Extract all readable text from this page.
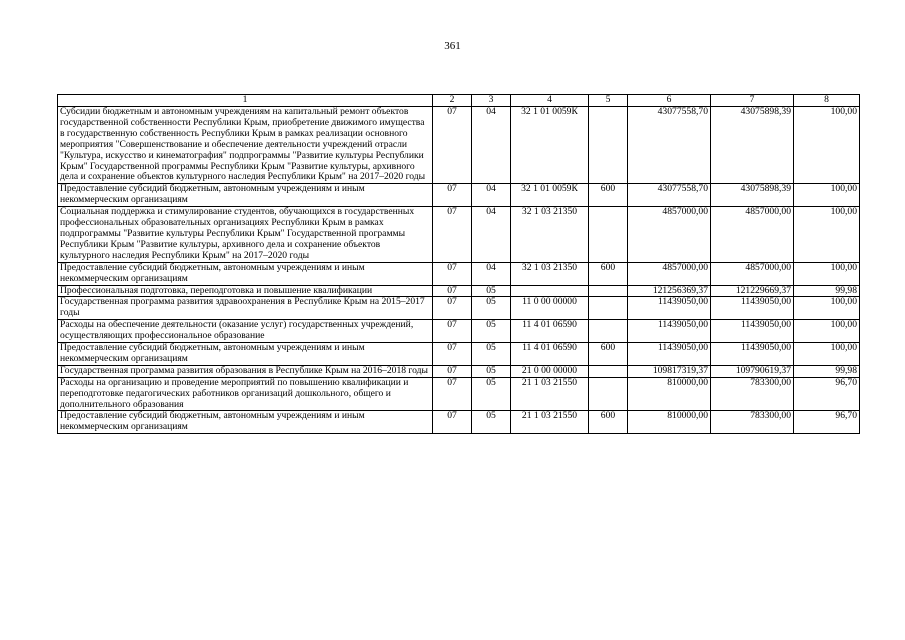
361
1	2	3	4	5	6	7	8
Субсидии бюджетным и автономным учреждениям на капитальный ремонт объектов государственной собственности Республики Крым, приобретение движимого имущества в государственную собственность Республики Крым в рамках реализации основного мероприятия "Совершенствование и обеспечение деятельности учреждений отрасли "Культура, искусство и кинематография" подпрограммы "Развитие культуры Республики Крым" Государственной программы Республики Крым "Развитие культуры, архивного дела и сохранение объектов культурного наследия Республики Крым" на 2017–2020 годы	07	04	32 1 01 0059К		43077558,70	43075898,39	100,00
Предоставление субсидий бюджетным, автономным учреждениям и иным некоммерческим организациям	07	04	32 1 01 0059К	600	43077558,70	43075898,39	100,00
Социальная поддержка и стимулирование студентов, обучающихся в государственных профессиональных образовательных организациях Республики Крым в рамках подпрограммы "Развитие культуры Республики Крым" Государственной программы Республики Крым "Развитие культуры, архивного дела и сохранение объектов культурного наследия Республики Крым" на 2017–2020 годы	07	04	32 1 03 21350		4857000,00	4857000,00	100,00
Предоставление субсидий бюджетным, автономным учреждениям и иным некоммерческим организациям	07	04	32 1 03 21350	600	4857000,00	4857000,00	100,00
Профессиональная подготовка, переподготовка и повышение квалификации	07	05			121256369,37	121229669,37	99,98
Государственная программа развития здравоохранения в Республике Крым на 2015–2017 годы	07	05	11 0 00 00000		11439050,00	11439050,00	100,00
Расходы на обеспечение деятельности (оказание услуг) государственных учреждений, осуществляющих профессиональное образование	07	05	11 4 01 06590		11439050,00	11439050,00	100,00
Предоставление субсидий бюджетным, автономным учреждениям и иным некоммерческим организациям	07	05	11 4 01 06590	600	11439050,00	11439050,00	100,00
Государственная программа развития образования в Республике Крым на 2016–2018 годы	07	05	21 0 00 00000		109817319,37	109790619,37	99,98
Расходы на организацию и проведение мероприятий по повышению квалификации и переподготовке педагогических работников организаций дошкольного, общего и дополнительного образования	07	05	21 1 03 21550		810000,00	783300,00	96,70
Предоставление субсидий бюджетным, автономным учреждениям и иным некоммерческим организациям	07	05	21 1 03 21550	600	810000,00	783300,00	96,70
